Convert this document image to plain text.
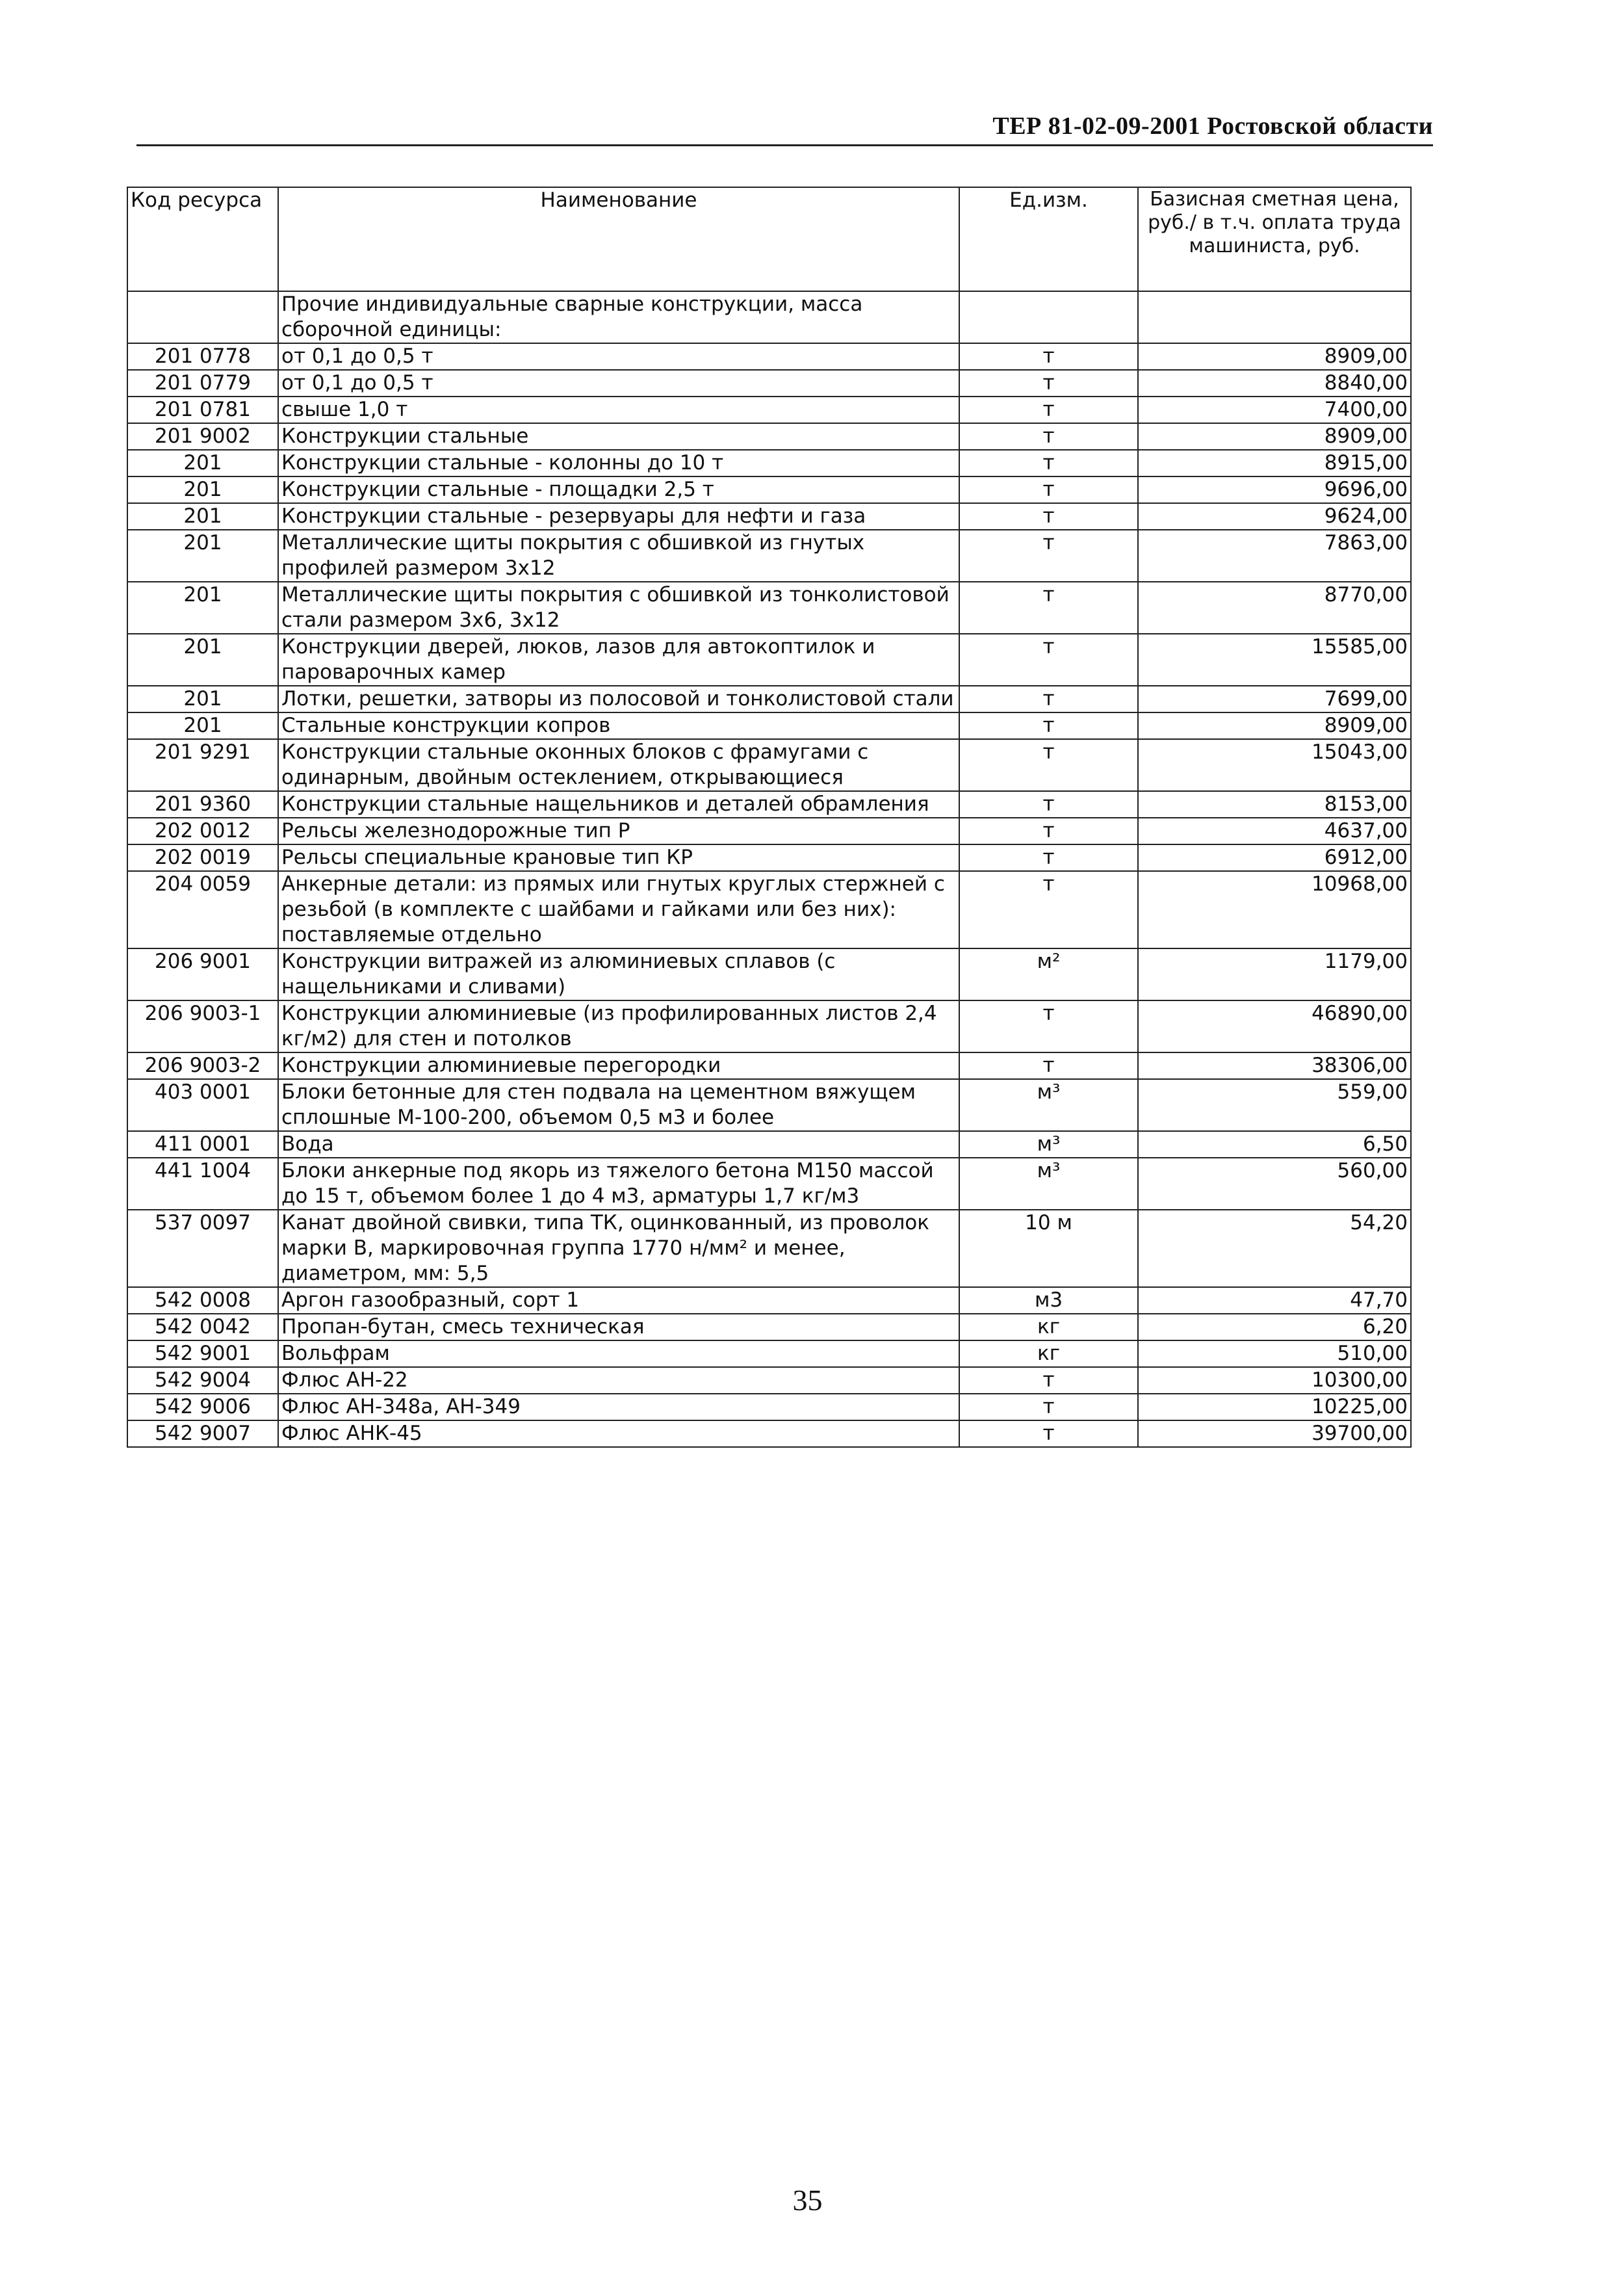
ТЕР 81-02-09-2001 Ростовской области
Код ресурса	Наименование	Ед.изм.	Базисная сметная цена, руб./ в т.ч. оплата труда машиниста, руб.
	Прочие индивидуальные сварные конструкции, масса сборочной единицы:		
201 0778	от 0,1 до 0,5 т	т	8909,00
201 0779	от 0,1 до 0,5 т	т	8840,00
201 0781	свыше 1,0 т	т	7400,00
201 9002	Конструкции стальные	т	8909,00
201	Конструкции стальные - колонны до 10 т	т	8915,00
201	Конструкции стальные - площадки 2,5 т	т	9696,00
201	Конструкции стальные - резервуары для нефти и газа	т	9624,00
201	Металлические щиты покрытия с обшивкой из гнутых профилей размером 3х12	т	7863,00
201	Металлические щиты покрытия с обшивкой из тонколистовой стали размером 3х6, 3х12	т	8770,00
201	Конструкции дверей, люков, лазов для автокоптилок и пароварочных камер	т	15585,00
201	Лотки, решетки, затворы из полосовой и тонколистовой стали	т	7699,00
201	Стальные конструкции копров	т	8909,00
201 9291	Конструкции стальные оконных блоков с фрамугами с одинарным, двойным остеклением, открывающиеся	т	15043,00
201 9360	Конструкции стальные нащельников и деталей обрамления	т	8153,00
202 0012	Рельсы железнодорожные тип Р	т	4637,00
202 0019	Рельсы специальные крановые тип КР	т	6912,00
204 0059	Анкерные детали: из прямых или гнутых круглых стержней с резьбой (в комплекте с шайбами и гайками или без них): поставляемые отдельно	т	10968,00
206 9001	Конструкции витражей из алюминиевых сплавов (с нащельниками и сливами)	м²	1179,00
206 9003-1	Конструкции алюминиевые (из профилированных листов 2,4 кг/м2) для стен и потолков	т	46890,00
206 9003-2	Конструкции алюминиевые перегородки	т	38306,00
403 0001	Блоки бетонные для стен подвала на цементном вяжущем сплошные М-100-200, объемом 0,5 м3 и более	м³	559,00
411 0001	Вода	м³	6,50
441 1004	Блоки анкерные под якорь из тяжелого бетона М150 массой до 15 т, объемом более 1 до 4 м3, арматуры 1,7 кг/м3	м³	560,00
537 0097	Канат двойной свивки, типа ТК, оцинкованный, из проволок марки В, маркировочная группа 1770 н/мм² и менее, диаметром, мм: 5,5	10 м	54,20
542 0008	Аргон газообразный, сорт 1	м3	47,70
542 0042	Пропан-бутан, смесь техническая	кг	6,20
542 9001	Вольфрам	кг	510,00
542 9004	Флюс АН-22	т	10300,00
542 9006	Флюс АН-348а, АН-349	т	10225,00
542 9007	Флюс АНК-45	т	39700,00
35
